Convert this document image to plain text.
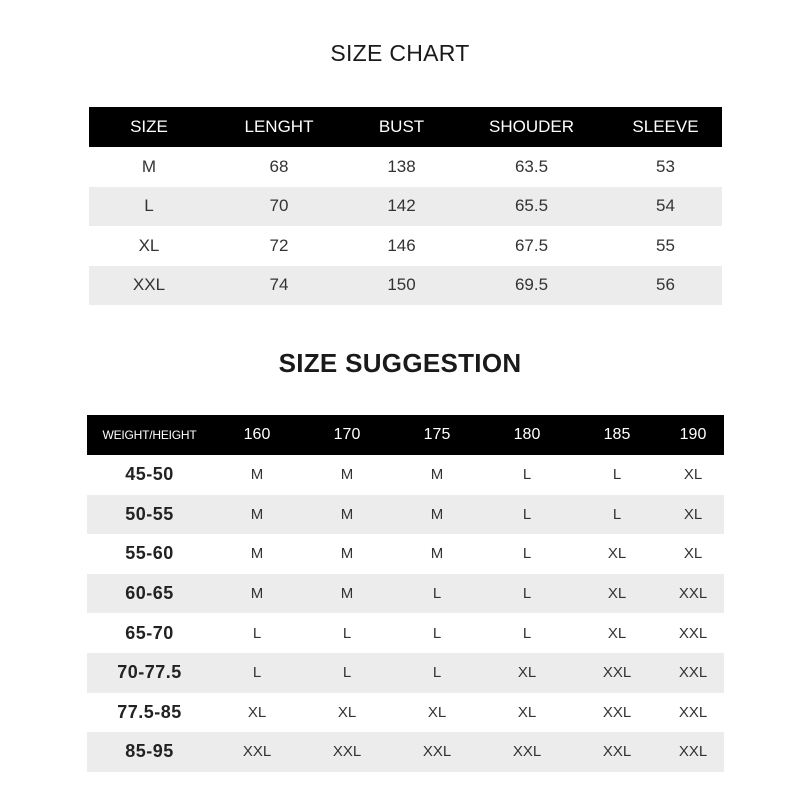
SIZE CHART
SIZE	LENGHT	BUST	SHOUDER	SLEEVE
M	68	138	63.5	53
L	70	142	65.5	54
XL	72	146	67.5	55
XXL	74	150	69.5	56
SIZE SUGGESTION
WEIGHT/HEIGHT	160	170	175	180	185	190
45-50	M	M	M	L	L	XL
50-55	M	M	M	L	L	XL
55-60	M	M	M	L	XL	XL
60-65	M	M	L	L	XL	XXL
65-70	L	L	L	L	XL	XXL
70-77.5	L	L	L	XL	XXL	XXL
77.5-85	XL	XL	XL	XL	XXL	XXL
85-95	XXL	XXL	XXL	XXL	XXL	XXL
